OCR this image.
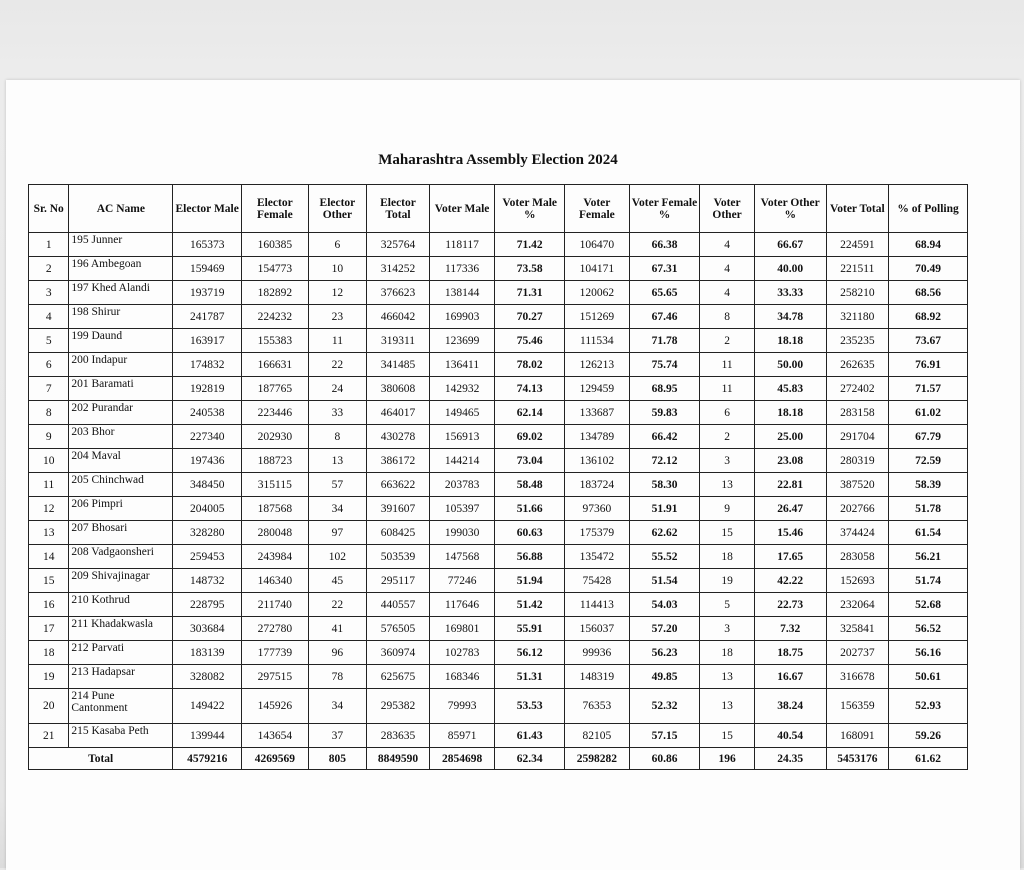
Maharashtra Assembly Election 2024
Sr. No	AC Name	Elector Male	Elector Female	Elector Other	Elector Total	Voter Male	Voter Male %	Voter Female	Voter Female %	Voter Other	Voter Other %	Voter Total	% of Polling
1	195 Junner	165373	160385	6	325764	118117	71.42	106470	66.38	4	66.67	224591	68.94
2	196 Ambegoan	159469	154773	10	314252	117336	73.58	104171	67.31	4	40.00	221511	70.49
3	197 Khed Alandi	193719	182892	12	376623	138144	71.31	120062	65.65	4	33.33	258210	68.56
4	198 Shirur	241787	224232	23	466042	169903	70.27	151269	67.46	8	34.78	321180	68.92
5	199 Daund	163917	155383	11	319311	123699	75.46	111534	71.78	2	18.18	235235	73.67
6	200 Indapur	174832	166631	22	341485	136411	78.02	126213	75.74	11	50.00	262635	76.91
7	201 Baramati	192819	187765	24	380608	142932	74.13	129459	68.95	11	45.83	272402	71.57
8	202 Purandar	240538	223446	33	464017	149465	62.14	133687	59.83	6	18.18	283158	61.02
9	203 Bhor	227340	202930	8	430278	156913	69.02	134789	66.42	2	25.00	291704	67.79
10	204 Maval	197436	188723	13	386172	144214	73.04	136102	72.12	3	23.08	280319	72.59
11	205 Chinchwad	348450	315115	57	663622	203783	58.48	183724	58.30	13	22.81	387520	58.39
12	206 Pimpri	204005	187568	34	391607	105397	51.66	97360	51.91	9	26.47	202766	51.78
13	207 Bhosari	328280	280048	97	608425	199030	60.63	175379	62.62	15	15.46	374424	61.54
14	208 Vadgaonsheri	259453	243984	102	503539	147568	56.88	135472	55.52	18	17.65	283058	56.21
15	209 Shivajinagar	148732	146340	45	295117	77246	51.94	75428	51.54	19	42.22	152693	51.74
16	210 Kothrud	228795	211740	22	440557	117646	51.42	114413	54.03	5	22.73	232064	52.68
17	211 Khadakwasla	303684	272780	41	576505	169801	55.91	156037	57.20	3	7.32	325841	56.52
18	212 Parvati	183139	177739	96	360974	102783	56.12	99936	56.23	18	18.75	202737	56.16
19	213 Hadapsar	328082	297515	78	625675	168346	51.31	148319	49.85	13	16.67	316678	50.61
20	214 Pune Cantonment	149422	145926	34	295382	79993	53.53	76353	52.32	13	38.24	156359	52.93
21	215 Kasaba Peth	139944	143654	37	283635	85971	61.43	82105	57.15	15	40.54	168091	59.26
Total		4579216	4269569	805	8849590	2854698	62.34	2598282	60.86	196	24.35	5453176	61.62
